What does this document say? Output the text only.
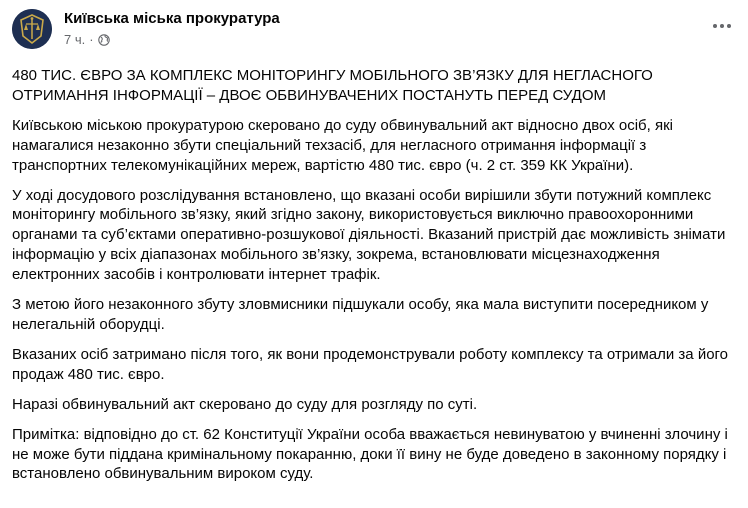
Київська міська прокуратура
7 ч. ·

480 ТИС. ЄВРО ЗА КОМПЛЕКС МОНІТОРИНГУ МОБІЛЬНОГО ЗВ’ЯЗКУ ДЛЯ НЕГЛАСНОГО ОТРИМАННЯ ІНФОРМАЦІЇ – ДВОЄ ОБВИНУВАЧЕНИХ ПОСТАНУТЬ ПЕРЕД СУДОМ

Київською міською прокуратурою скеровано до суду обвинувальний акт відносно двох осіб, які намагалися незаконно збути спеціальний техзасіб, для негласного отримання інформації з транспортних телекомунікаційних мереж, вартістю 480 тис. євро (ч. 2 ст. 359 КК України).

У ході досудового розслідування встановлено, що вказані особи вирішили збути потужний комплекс моніторингу мобільного зв’язку, який згідно закону, використовується виключно правоохоронними органами та суб’єктами оперативно-розшукової діяльності. Вказаний пристрій дає можливість знімати інформацію у всіх діапазонах мобільного зв’язку, зокрема, встановлювати місцезнаходження електронних засобів і контролювати інтернет трафік.

З метою його незаконного збуту зловмисники підшукали особу, яка мала виступити посередником у нелегальній оборудці.

Вказаних осіб затримано після того, як вони продемонстрували роботу комплексу та отримали за його продаж 480 тис. євро.

Наразі обвинувальний акт скеровано до суду для розгляду по суті.

Примітка: відповідно до ст. 62 Конституції України особа вважається невинуватою у вчиненні злочину і не може бути піддана кримінальному покаранню, доки її вину не буде доведено в законному порядку і встановлено обвинувальним вироком суду.
